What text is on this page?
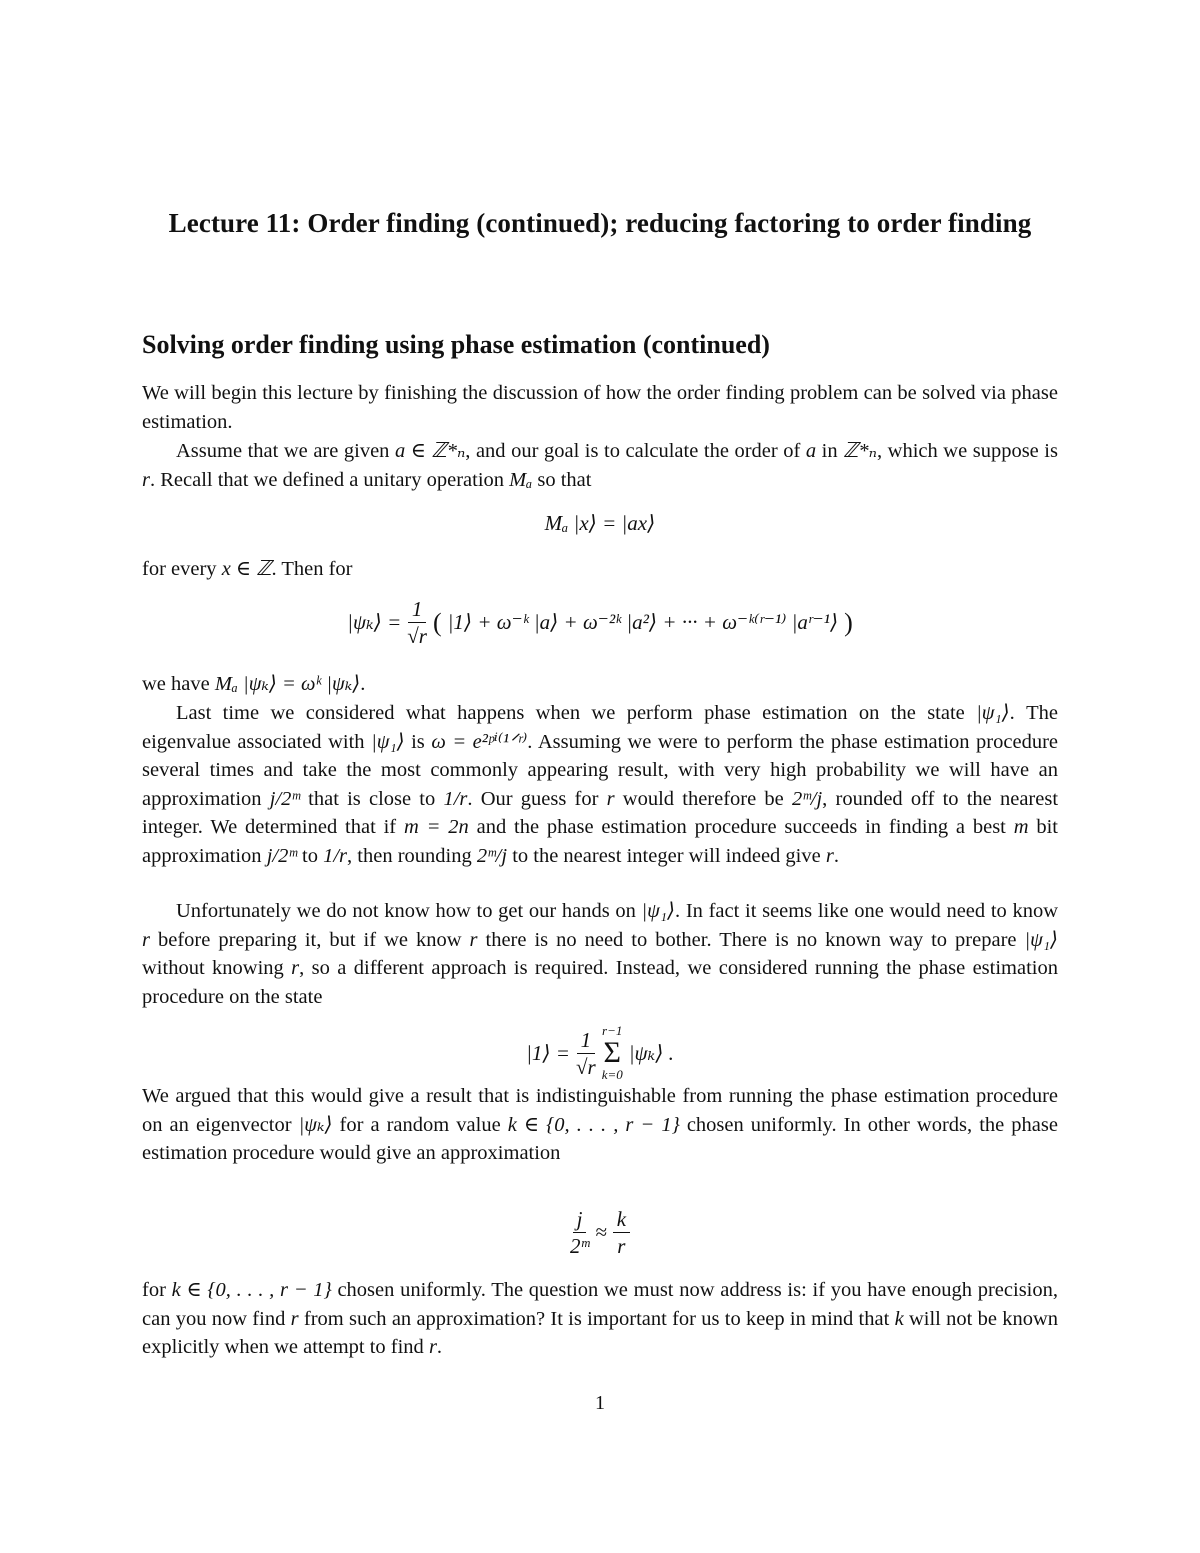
Lecture 11: Order finding (continued); reducing factoring to order finding
Solving order finding using phase estimation (continued)

We will begin this lecture by finishing the discussion of how the order finding problem can be solved via phase estimation.

Assume that we are given a ∈ ℤ*ₙ, and our goal is to calculate the order of a in ℤ*ₙ, which we suppose is r. Recall that we defined a unitary operation Mₐ so that

Mₐ |x⟩ = |ax⟩

for every x ∈ ℤ. Then for

|ψₖ⟩ = $\frac{1}{√r}$ ( |1⟩ + ω⁻ᵏ |a⟩ + ω⁻²ᵏ |a²⟩ + ··· + ω⁻ᵏ⁽ʳ⁻¹⁾ |aʳ⁻¹⟩ )

we have Mₐ |ψₖ⟩ = ωᵏ |ψₖ⟩.

Last time we considered what happens when we perform phase estimation on the state |ψ₁⟩. The eigenvalue associated with |ψ₁⟩ is ω = e²ᵖⁱ⁽¹ᐟʳ⁾. Assuming we were to perform the phase estimation procedure several times and take the most commonly appearing result, with very high probability we will have an approximation j/2ᵐ that is close to 1/r. Our guess for r would therefore be 2ᵐ/j, rounded off to the nearest integer. We determined that if m = 2n and the phase estimation procedure succeeds in finding a best m bit approximation j/2ᵐ to 1/r, then rounding 2ᵐ/j to the nearest integer will indeed give r.

Unfortunately we do not know how to get our hands on |ψ₁⟩. In fact it seems like one would need to know r before preparing it, but if we know r there is no need to bother. There is no known way to prepare |ψ₁⟩ without knowing r, so a different approach is required. Instead, we considered running the phase estimation procedure on the state

|1⟩ = $\frac{1}{√r} r-1$
Σ
k=0
|ψₖ⟩ .

We argued that this would give a result that is indistinguishable from running the phase estimation procedure on an eigenvector |ψₖ⟩ for a random value k ∈ {0, . . . , r − 1} chosen uniformly. In other words, the phase estimation procedure would give an approximation

$\frac{j}{\text{2ᵐ}} \approx \frac{k}{r}$

for k ∈ {0, . . . , r − 1} chosen uniformly. The question we must now address is: if you have enough precision, can you now find r from such an approximation? It is important for us to keep in mind that k will not be known explicitly when we attempt to find r.

1
